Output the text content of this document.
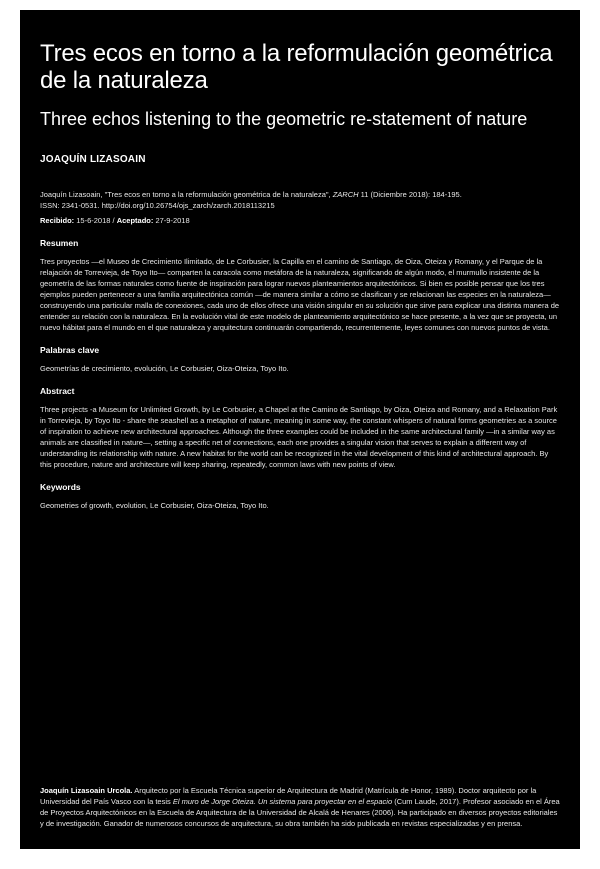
Tres ecos en torno a la reformulación geométrica de la naturaleza
Three echos listening to the geometric re-statement of nature
JOAQUÍN LIZASOAIN
Joaquín Lizasoain, "Tres ecos en torno a la reformulación geométrica de la naturaleza", ZARCH 11 (Diciembre 2018): 184-195.
ISSN: 2341-0531. http://doi.org/10.26754/ojs_zarch/zarch.2018113215
Recibido: 15-6-2018 / Aceptado: 27-9-2018
Resumen
Tres proyectos —el Museo de Crecimiento Ilimitado, de Le Corbusier, la Capilla en el camino de Santiago, de Oiza, Oteiza y Romany, y el Parque de la relajación de Torrevieja, de Toyo Ito— comparten la caracola como metáfora de la naturaleza, significando de algún modo, el murmullo insistente de la geometría de las formas naturales como fuente de inspiración para lograr nuevos planteamientos arquitectónicos. Si bien es posible pensar que los tres ejemplos pueden pertenecer a una familia arquitectónica común —de manera similar a cómo se clasifican y se relacionan las especies en la naturaleza— construyendo una particular malla de conexiones, cada uno de ellos ofrece una visión singular en su solución que sirve para explicar una distinta manera de entender su relación con la naturaleza. En la evolución vital de este modelo de planteamiento arquitectónico se hace presente, a la vez que se proyecta, un nuevo hábitat para el mundo en el que naturaleza y arquitectura continuarán compartiendo, recurrentemente, leyes comunes con nuevos puntos de vista.
Palabras clave
Geometrías de crecimiento, evolución, Le Corbusier, Oiza-Oteiza, Toyo Ito.
Abstract
Three projects -a Museum for Unlimited Growth, by Le Corbusier, a Chapel at the Camino de Santiago, by Oiza, Oteiza and Romany, and a Relaxation Park in Torrevieja, by Toyo Ito - share the seashell as a metaphor of nature, meaning in some way, the constant whispers of natural forms geometries as a source of inspiration to achieve new architectural approaches. Although the three examples could be included in the same architectural family —in a similar way as animals are classified in nature—, setting a specific net of connections, each one provides a singular vision that serves to explain a different way of understanding its relationship with nature. A new habitat for the world can be recognized in the vital development of this kind of architectural approach. By this procedure, nature and architecture will keep sharing, repeatedly, common laws with new points of view.
Keywords
Geometries of growth, evolution, Le Corbusier, Oiza-Oteiza, Toyo Ito.
Joaquín Lizasoain Urcola. Arquitecto por la Escuela Técnica superior de Arquitectura de Madrid (Matrícula de Honor, 1989). Doctor arquitecto por la Universidad del País Vasco con la tesis El muro de Jorge Oteiza. Un sistema para proyectar en el espacio (Cum Laude, 2017). Profesor asociado en el Área de Proyectos Arquitectónicos en la Escuela de Arquitectura de la Universidad de Alcalá de Henares (2006). Ha participado en diversos proyectos editoriales y de investigación. Ganador de numerosos concursos de arquitectura, su obra también ha sido publicada en revistas especializadas y en prensa.
